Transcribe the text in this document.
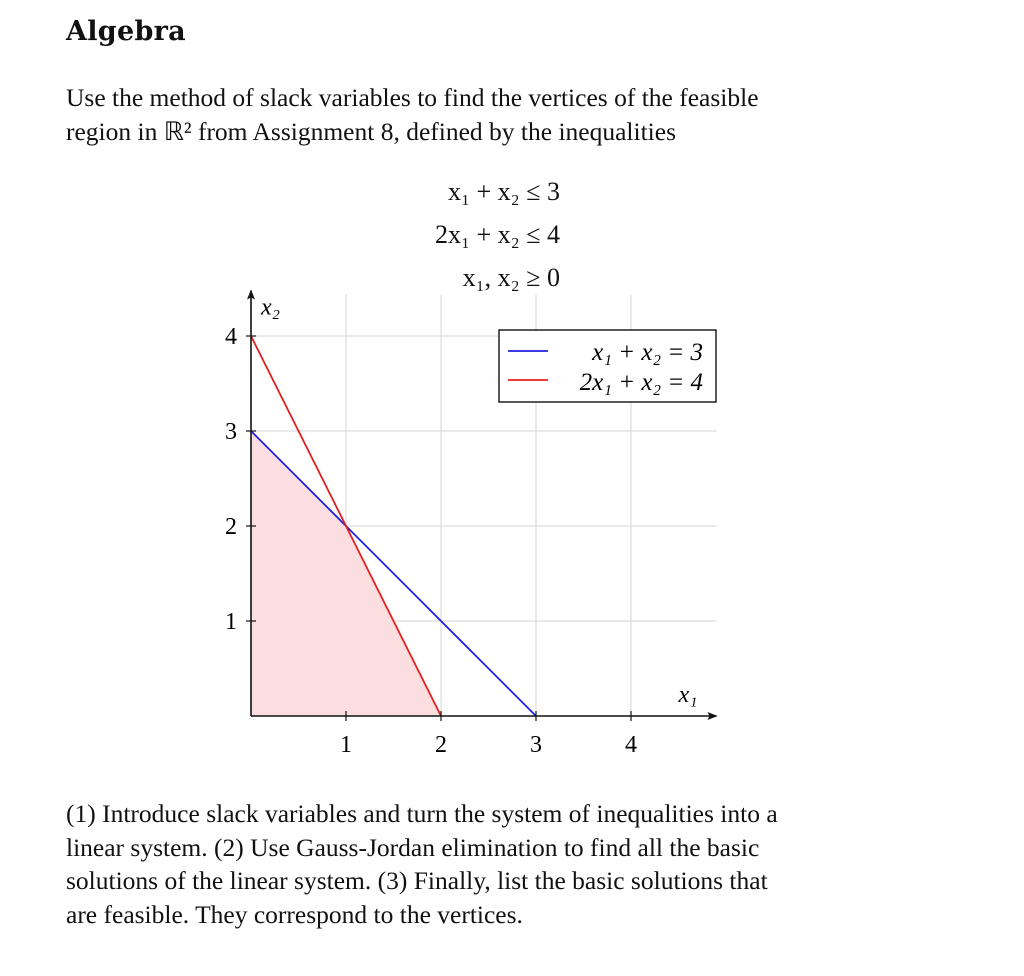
Algebra
Use the method of slack variables to find the vertices of the feasible
region in ℝ² from Assignment 8, defined by the inequalities
x₁ + x₂ ≤ 3
2x₁ + x₂ ≤ 4
x₁, x₂ ≥ 0
1	2	3	4
1
2
3
4
x₁
x₂
x₁ + x₂ = 3
2x₁ + x₂ = 4
(1) Introduce slack variables and turn the system of inequalities into a
linear system. (2) Use Gauss-Jordan elimination to find all the basic
solutions of the linear system. (3) Finally, list the basic solutions that
are feasible. They correspond to the vertices.
